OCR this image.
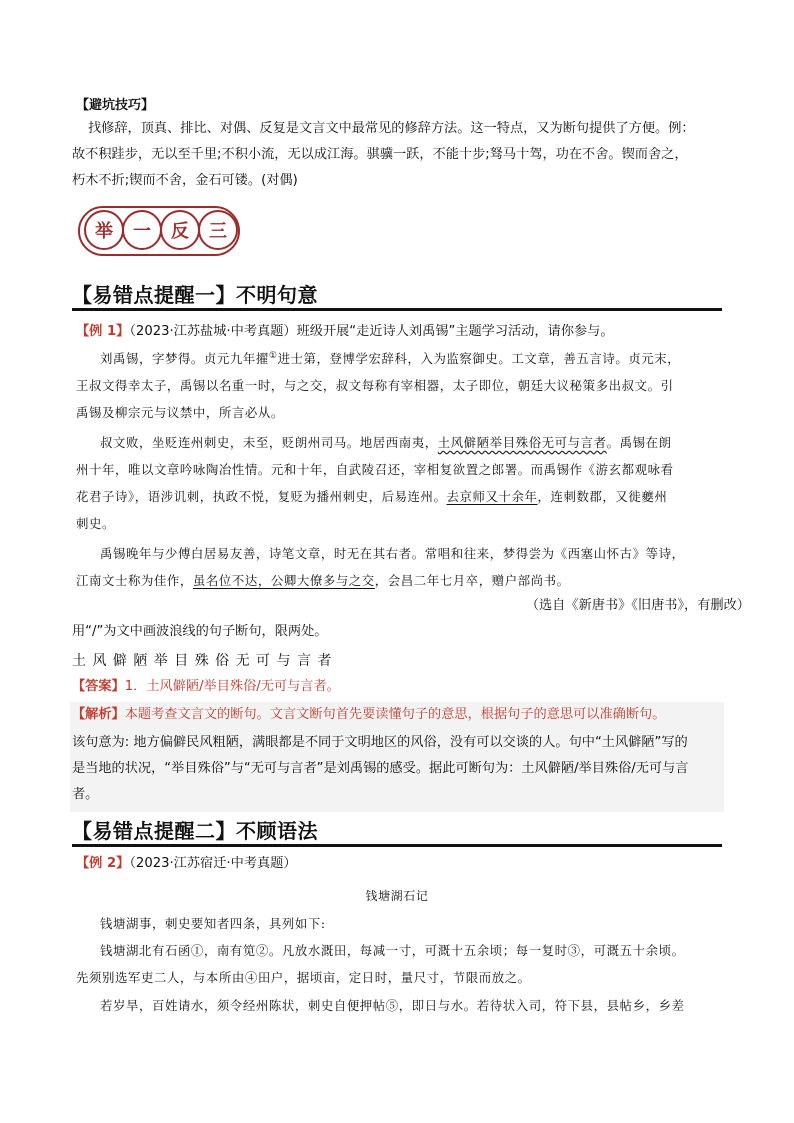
【避坑技巧】
找修辞，顶真、排比、对偶、反复是文言文中最常见的修辞方法。这一特点，又为断句提供了方便。例：
故不积跬步，无以至千里;不积小流，无以成江海。骐骥一跃，不能十步;驽马十驾，功在不舍。锲而舍之，
朽木不折;锲而不舍，金石可镂。(对偶)
举	一	反	三
【易错点提醒一】不明句意
【例 1】（2023·江苏盐城·中考真题）班级开展“走近诗人刘禹锡”主题学习活动，请你参与。
刘禹锡，字梦得。贞元九年擢①进士第，登博学宏辞科，入为监察御史。工文章，善五言诗。贞元末，
王叔文得幸太子，禹锡以名重一时，与之交，叔文每称有宰相器，太子即位，朝廷大议秘策多出叔文。引
禹锡及柳宗元与议禁中，所言必从。
叔文败，坐贬连州刺史，未至，贬朗州司马。地居西南夷，土风僻陋举目殊俗无可与言者。禹锡在朗
州十年，唯以文章吟咏陶冶性情。元和十年，自武陵召还，宰相复欲置之郎署。而禹锡作《游玄都观咏看
花君子诗》，语涉讥刺，执政不悦，复贬为播州刺史，后易连州。去京师又十余年，连刺数郡，又徙夔州
刺史。
禹锡晚年与少傅白居易友善，诗笔文章，时无在其右者。常唱和往来，梦得尝为《西塞山怀古》等诗，
江南文士称为佳作，虽名位不达，公卿大僚多与之交，会昌二年七月卒，赠户部尚书。
（选自《新唐书》《旧唐书》，有删改）
用“/”为文中画波浪线的句子断句，限两处。
土 风 僻 陋 举 目 殊 俗 无 可 与 言 者
【答案】1．土风僻陋/举目殊俗/无可与言者。
【解析】本题考查文言文的断句。文言文断句首先要读懂句子的意思，根据句子的意思可以准确断句。
该句意为: 地方偏僻民风粗陋，满眼都是不同于文明地区的风俗，没有可以交谈的人。句中“土风僻陋”写的
是当地的状况，“举目殊俗”与“无可与言者”是刘禹锡的感受。据此可断句为：土风僻陋/举目殊俗/无可与言
者。
【易错点提醒二】不顾语法
【例 2】（2023·江苏宿迁·中考真题）
钱塘湖石记
钱塘湖事，刺史要知者四条，具列如下:
钱塘湖北有石函①，南有笕②。凡放水溉田，每减一寸，可溉十五余顷；每一复时③，可溉五十余顷。
先须别选军吏二人，与本所由④田户，据顷亩，定日时，量尺寸，节限而放之。
若岁旱，百姓请水，须令经州陈状，刺史自便押帖⑤，即日与水。若待状入司，符下县，县帖乡，乡差
